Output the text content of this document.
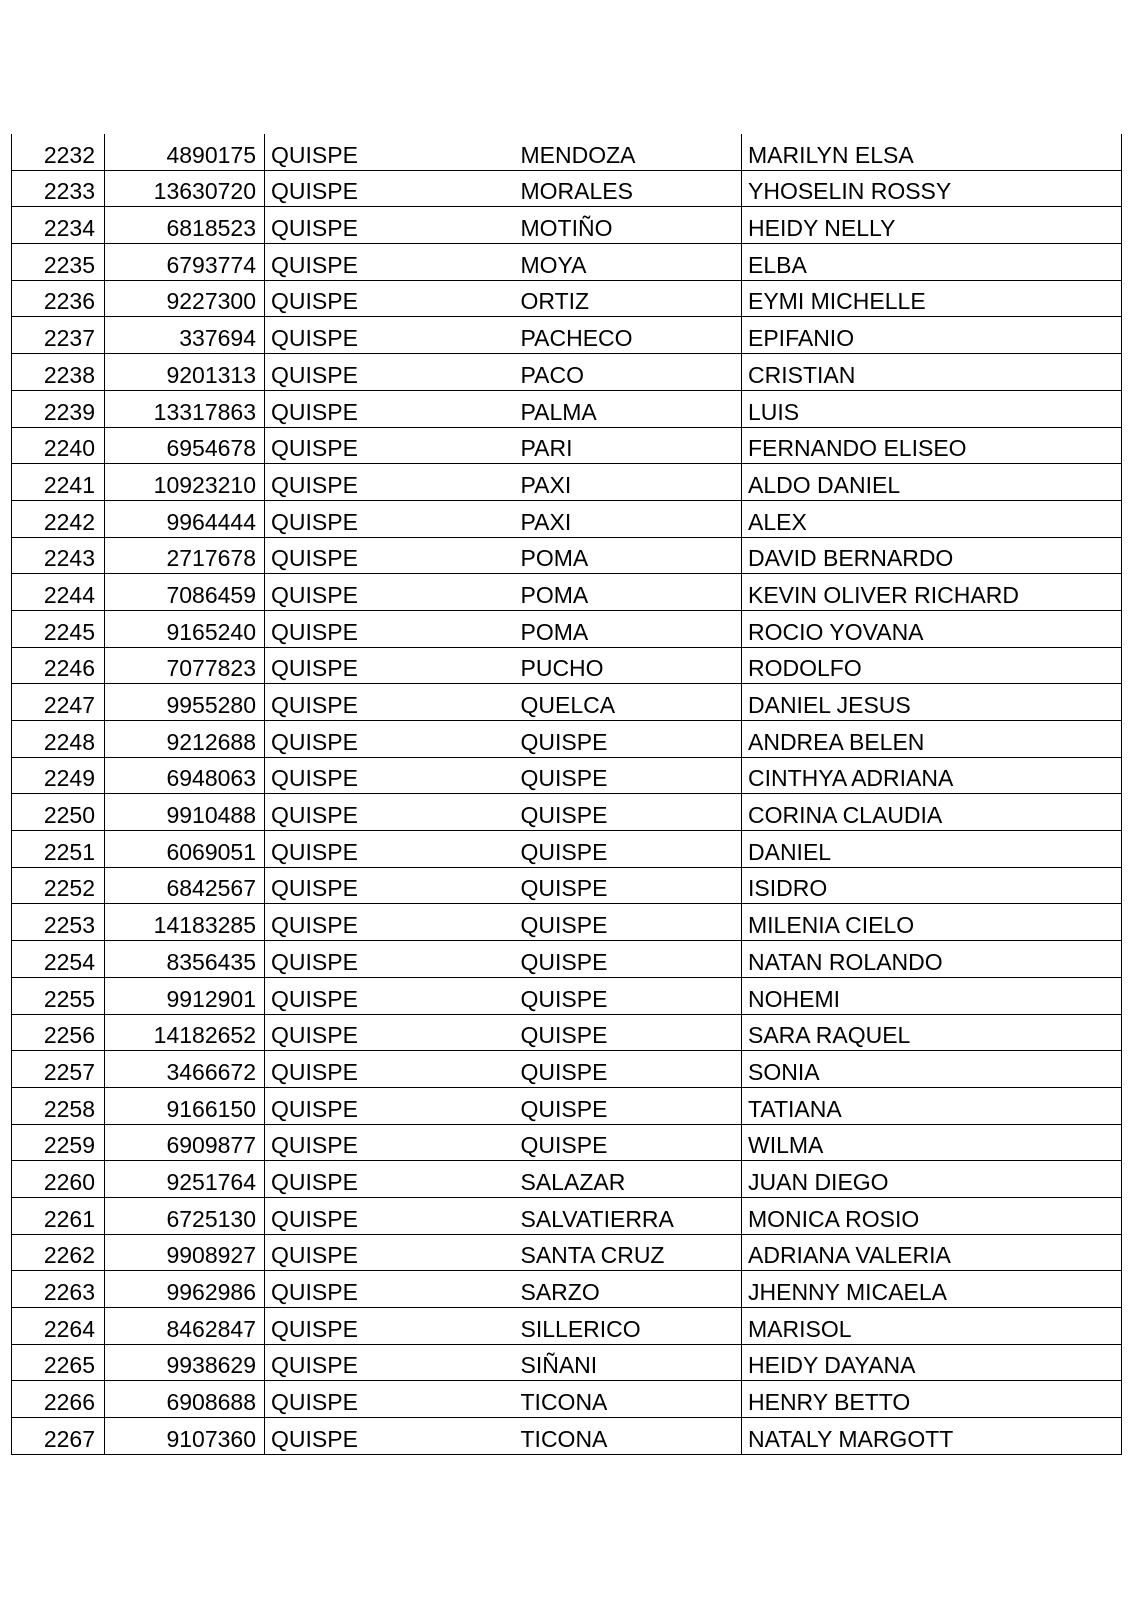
2232	4890175	QUISPE	MENDOZA	MARILYN ELSA
2233	13630720	QUISPE	MORALES	YHOSELIN ROSSY
2234	6818523	QUISPE	MOTIÑO	HEIDY NELLY
2235	6793774	QUISPE	MOYA	ELBA
2236	9227300	QUISPE	ORTIZ	EYMI MICHELLE
2237	337694	QUISPE	PACHECO	EPIFANIO
2238	9201313	QUISPE	PACO	CRISTIAN
2239	13317863	QUISPE	PALMA	LUIS
2240	6954678	QUISPE	PARI	FERNANDO ELISEO
2241	10923210	QUISPE	PAXI	ALDO DANIEL
2242	9964444	QUISPE	PAXI	ALEX
2243	2717678	QUISPE	POMA	DAVID BERNARDO
2244	7086459	QUISPE	POMA	KEVIN OLIVER RICHARD
2245	9165240	QUISPE	POMA	ROCIO YOVANA
2246	7077823	QUISPE	PUCHO	RODOLFO
2247	9955280	QUISPE	QUELCA	DANIEL JESUS
2248	9212688	QUISPE	QUISPE	ANDREA BELEN
2249	6948063	QUISPE	QUISPE	CINTHYA ADRIANA
2250	9910488	QUISPE	QUISPE	CORINA CLAUDIA
2251	6069051	QUISPE	QUISPE	DANIEL
2252	6842567	QUISPE	QUISPE	ISIDRO
2253	14183285	QUISPE	QUISPE	MILENIA CIELO
2254	8356435	QUISPE	QUISPE	NATAN ROLANDO
2255	9912901	QUISPE	QUISPE	NOHEMI
2256	14182652	QUISPE	QUISPE	SARA RAQUEL
2257	3466672	QUISPE	QUISPE	SONIA
2258	9166150	QUISPE	QUISPE	TATIANA
2259	6909877	QUISPE	QUISPE	WILMA
2260	9251764	QUISPE	SALAZAR	JUAN DIEGO
2261	6725130	QUISPE	SALVATIERRA	MONICA ROSIO
2262	9908927	QUISPE	SANTA CRUZ	ADRIANA VALERIA
2263	9962986	QUISPE	SARZO	JHENNY MICAELA
2264	8462847	QUISPE	SILLERICO	MARISOL
2265	9938629	QUISPE	SIÑANI	HEIDY DAYANA
2266	6908688	QUISPE	TICONA	HENRY BETTO
2267	9107360	QUISPE	TICONA	NATALY MARGOTT
